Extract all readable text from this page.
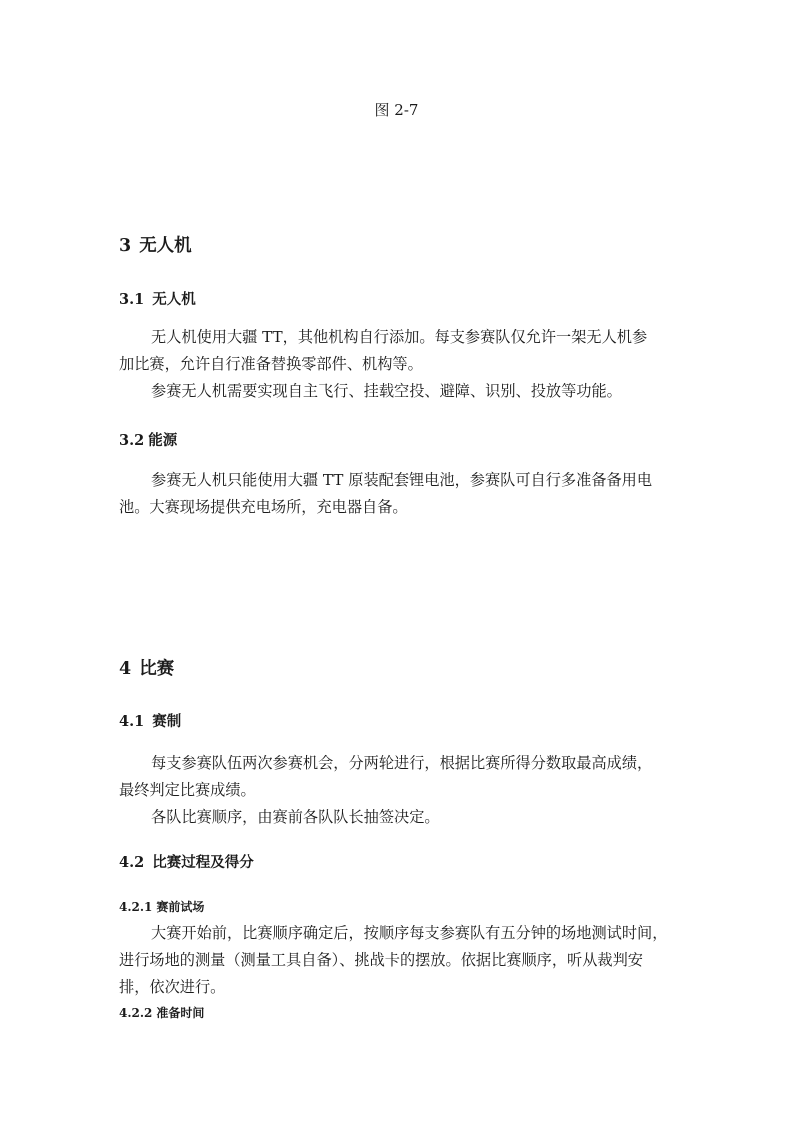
图 2-7
3 无人机
3.1 无人机
无人机使用大疆 TT，其他机构自行添加。每支参赛队仅允许一架无人机参
加比赛，允许自行准备替换零部件、机构等。
参赛无人机需要实现自主飞行、挂载空投、避障、识别、投放等功能。
3.2 能源
参赛无人机只能使用大疆 TT 原装配套锂电池，参赛队可自行多准备备用电
池。大赛现场提供充电场所，充电器自备。
4 比赛
4.1 赛制
每支参赛队伍两次参赛机会，分两轮进行，根据比赛所得分数取最高成绩，
最终判定比赛成绩。
各队比赛顺序，由赛前各队队长抽签决定。
4.2 比赛过程及得分
4.2.1 赛前试场
大赛开始前，比赛顺序确定后，按顺序每支参赛队有五分钟的场地测试时间，
进行场地的测量（测量工具自备）、挑战卡的摆放。依据比赛顺序，听从裁判安
排，依次进行。
4.2.2 准备时间
